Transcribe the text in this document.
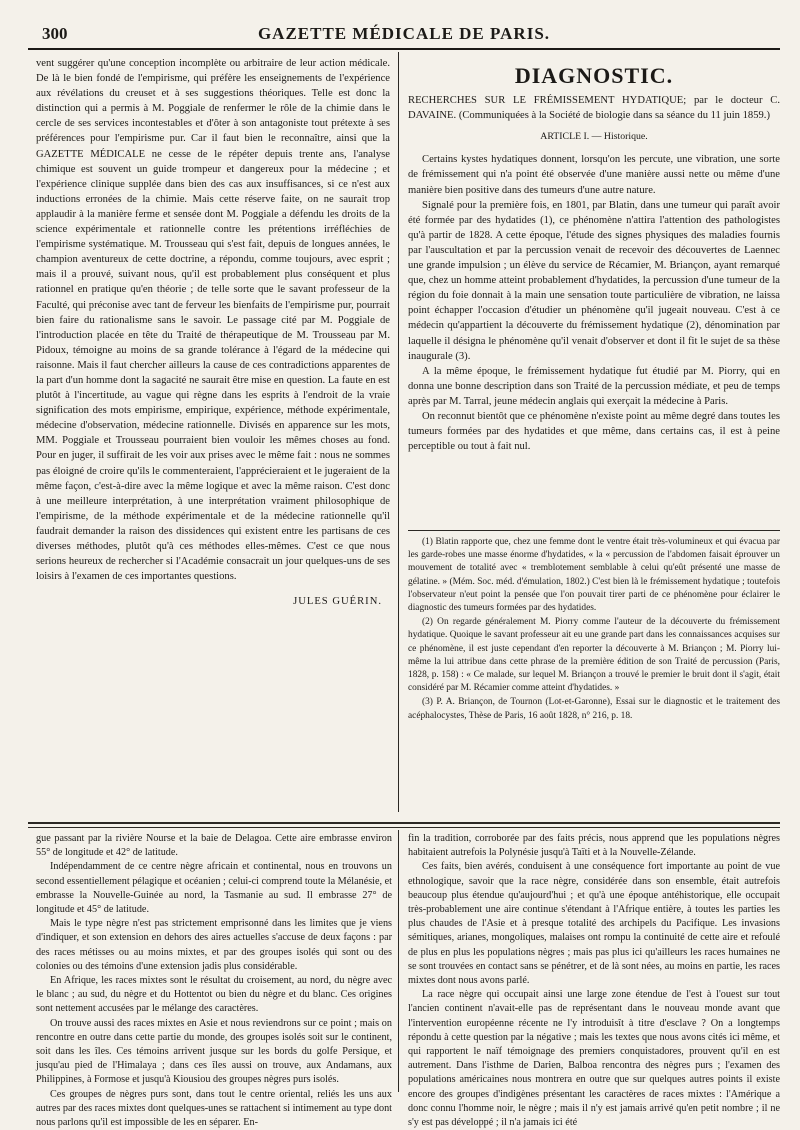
300	GAZETTE MÉDICALE DE PARIS.

vent suggérer qu'une conception incomplète ou arbitraire de leur action médicale. De là le bien fondé de l'empirisme, qui préfère les enseignements de l'expérience aux révélations du creuset et à ses suggestions théoriques. Telle est donc la distinction qui a permis à M. Poggiale de renfermer le rôle de la chimie dans le cercle de ses services incontestables et d'ôter à son antagoniste tout prétexte à ses préférences pour l'empirisme pur. Car il faut bien le reconnaître, ainsi que la GAZETTE MÉDICALE ne cesse de le répéter depuis trente ans, l'analyse chimique est souvent un guide trompeur et dangereux pour la médecine ; et l'expérience clinique supplée dans bien des cas aux insuffisances, si ce n'est aux inductions erronées de la chimie. Mais cette réserve faite, on ne saurait trop applaudir à la manière ferme et sensée dont M. Poggiale a défendu les droits de la science expérimentale et rationnelle contre les prétentions irréfléchies de l'empirisme systématique. M. Trousseau qui s'est fait, depuis de longues années, le champion aventureux de cette doctrine, a répondu, comme toujours, avec esprit ; mais il a prouvé, suivant nous, qu'il est probablement plus conséquent et plus rationnel en pratique qu'en théorie ; de telle sorte que le savant professeur de la Faculté, qui préconise avec tant de ferveur les bienfaits de l'empirisme pur, pourrait bien faire du rationalisme sans le savoir. Le passage cité par M. Poggiale de l'introduction placée en tête du Traité de thérapeutique de M. Trousseau par M. Pidoux, témoigne au moins de sa grande tolérance à l'égard de la médecine qui raisonne. Mais il faut chercher ailleurs la cause de ces contradictions apparentes de la part d'un homme dont la sagacité ne saurait être mise en question. La faute en est plutôt à l'incertitude, au vague qui règne dans les esprits à l'endroit de la vraie signification des mots empirisme, empirique, expérience, méthode expérimentale, médecine d'observation, médecine rationnelle. Divisés en apparence sur les mots, MM. Poggiale et Trousseau pourraient bien vouloir les mêmes choses au fond. Pour en juger, il suffirait de les voir aux prises avec le même fait : nous ne sommes pas éloigné de croire qu'ils le commenteraient, l'apprécieraient et le jugeraient de la même façon, c'est-à-dire avec la même logique et avec la même raison. C'est donc à une meilleure interprétation, à une interprétation vraiment philosophique de l'empirisme, de la méthode expérimentale et de la médecine rationnelle qu'il faudrait demander la raison des dissidences qui existent entre les partisans de ces diverses méthodes, plutôt qu'à ces méthodes elles-mêmes. C'est ce que nous serions heureux de rechercher si l'Académie consacrait un jour quelques-uns de ses loisirs à l'examen de ces importantes questions.

JULES GUÉRIN.
DIAGNOSTIC.

RECHERCHES SUR LE FRÉMISSEMENT HYDATIQUE; par le docteur C. DAVAINE. (Communiquées à la Société de biologie dans sa séance du 11 juin 1859.)

ARTICLE I. — Historique.

Certains kystes hydatiques donnent, lorsqu'on les percute, une vibration, une sorte de frémissement qui n'a point été observée d'une manière aussi nette ou même d'une manière bien positive dans des tumeurs d'une autre nature.

Signalé pour la première fois, en 1801, par Blatin, dans une tumeur qui paraît avoir été formée par des hydatides (1), ce phénomène n'attira l'attention des pathologistes qu'à partir de 1828. A cette époque, l'étude des signes physiques des maladies fournis par l'auscultation et par la percussion venait de recevoir des découvertes de Laennec une grande impulsion ; un élève du service de Récamier, M. Briançon, ayant remarqué que, chez un homme atteint probablement d'hydatides, la percussion d'une tumeur de la région du foie donnait à la main une sensation toute particulière de vibration, ne laissa point échapper l'occasion d'étudier un phénomène qu'il jugeait nouveau. C'est à ce médecin qu'appartient la découverte du frémissement hydatique (2), dénomination par laquelle il désigna le phénomène qu'il venait d'observer et dont il fit le sujet de sa thèse inaugurale (3).

A la même époque, le frémissement hydatique fut étudié par M. Piorry, qui en donna une bonne description dans son Traité de la percussion médiate, et peu de temps après par M. Tarral, jeune médecin anglais qui exerçait la médecine à Paris.

On reconnut bientôt que ce phénomène n'existe point au même degré dans toutes les tumeurs formées par des hydatides et que même, dans certains cas, il est à peine perceptible ou tout à fait nul.

(1) Blatin rapporte que, chez une femme dont le ventre était très-volumineux et qui évacua par les garde-robes une masse énorme d'hydatides, « la « percussion de l'abdomen faisait éprouver un mouvement de totalité avec « tremblotement semblable à celui qu'eût présenté une masse de gélatine. » (Mém. Soc. méd. d'émulation, 1802.) C'est bien là le frémissement hydatique ; toutefois l'observateur n'eut point la pensée que l'on pouvait tirer parti de ce phénomène pour éclairer le diagnostic des tumeurs formées par des hydatides.

(2) On regarde généralement M. Piorry comme l'auteur de la découverte du frémissement hydatique. Quoique le savant professeur ait eu une grande part dans les connaissances acquises sur ce phénomène, il est juste cependant d'en reporter la découverte à M. Briançon ; M. Piorry lui-même la lui attribue dans cette phrase de la première édition de son Traité de percussion (Paris, 1828, p. 158) : « Ce malade, sur lequel M. Briançon a trouvé le premier le bruit dont il s'agit, était considéré par M. Récamier comme atteint d'hydatides. »

(3) P. A. Briançon, de Tournon (Lot-et-Garonne), Essai sur le diagnostic et le traitement des acéphalocystes, Thèse de Paris, 16 août 1828, n° 216, p. 18.

gue passant par la rivière Nourse et la baie de Delagoa. Cette aire embrasse environ 55° de longitude et 42° de latitude.

Indépendamment de ce centre nègre africain et continental, nous en trouvons un second essentiellement pélagique et océanien ; celui-ci comprend toute la Mélanésie, et embrasse la Nouvelle-Guinée au nord, la Tasmanie au sud. Il embrasse 27° de longitude et 45° de latitude.

Mais le type nègre n'est pas strictement emprisonné dans les limites que je viens d'indiquer, et son extension en dehors des aires actuelles s'accuse de deux façons : par des races métisses ou au moins mixtes, et par des groupes isolés qui sont ou des colonies ou des témoins d'une extension jadis plus considérable.

En Afrique, les races mixtes sont le résultat du croisement, au nord, du nègre avec le blanc ; au sud, du nègre et du Hottentot ou bien du nègre et du blanc. Ces origines sont nettement accusées par le mélange des caractères.

On trouve aussi des races mixtes en Asie et nous reviendrons sur ce point ; mais on rencontre en outre dans cette partie du monde, des groupes isolés soit sur le continent, soit dans les îles. Ces témoins arrivent jusque sur les bords du golfe Persique, et jusqu'au pied de l'Himalaya ; dans ces îles aussi on trouve, aux Andamans, aux Philippines, à Formose et jusqu'à Kiousiou des groupes nègres purs isolés.

Ces groupes de nègres purs sont, dans tout le centre oriental, reliés les uns aux autres par des races mixtes dont quelques-unes se rattachent si intimement au type dont nous parlons qu'il est impossible de les en séparer. En-

fin la tradition, corroborée par des faits précis, nous apprend que les populations nègres habitaient autrefois la Polynésie jusqu'à Taïti et à la Nouvelle-Zélande.

Ces faits, bien avérés, conduisent à une conséquence fort importante au point de vue ethnologique, savoir que la race nègre, considérée dans son ensemble, était autrefois beaucoup plus étendue qu'aujourd'hui ; et qu'à une époque antéhistorique, elle occupait très-probablement une aire continue s'étendant à l'Afrique entière, à toutes les parties les plus chaudes de l'Asie et à presque totalité des archipels du Pacifique. Les invasions sémitiques, arianes, mongoliques, malaises ont rompu la continuité de cette aire et refoulé de plus en plus les populations nègres ; mais pas plus ici qu'ailleurs les races humaines ne se sont trouvées en contact sans se pénétrer, et de là sont nées, au moins en partie, les races mixtes dont nous avons parlé.

La race nègre qui occupait ainsi une large zone étendue de l'est à l'ouest sur tout l'ancien continent n'avait-elle pas de représentant dans le nouveau monde avant que l'intervention européenne récente ne l'y introduisît à titre d'esclave ? On a longtemps répondu à cette question par la négative ; mais les textes que nous avons cités ici même, et qui rapportent le naïf témoignage des premiers conquistadores, prouvent qu'il en est autrement. Dans l'isthme de Darien, Balboa rencontra des nègres purs ; l'examen des populations américaines nous montrera en outre que sur quelques autres points il existe encore des groupes d'indigènes présentant les caractères de races mixtes : l'Amérique a donc connu l'homme noir, le nègre ; mais il n'y est jamais arrivé qu'en petit nombre ; il ne s'y est pas développé ; il n'a jamais ici été
